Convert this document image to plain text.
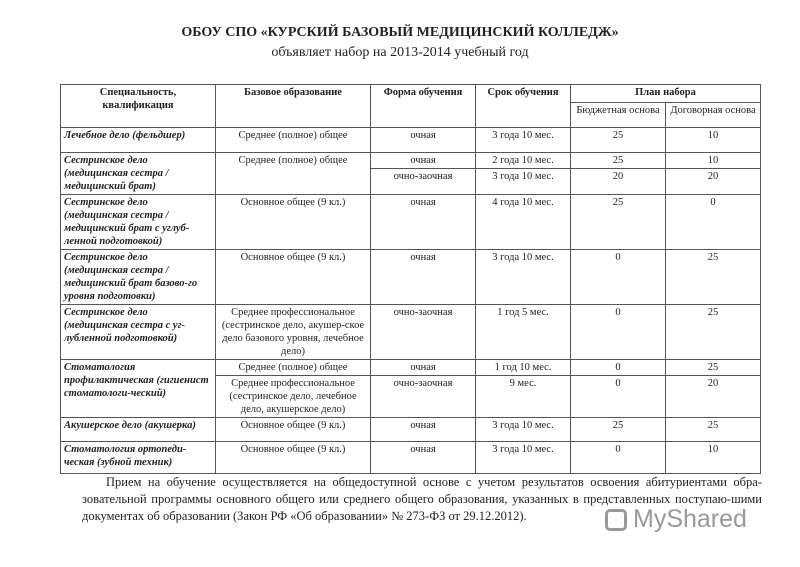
ОБОУ СПО «КУРСКИЙ БАЗОВЫЙ МЕДИЦИНСКИЙ КОЛЛЕДЖ»
объявляет набор на 2013-2014 учебный год
Специальность, квалификация	Базовое образование	Форма обучения	Срок обучения	План набора	
				Бюджетная основа	Договорная основа
Лечебное дело (фельдшер)	Среднее (полное) общее	очная	3 года 10 мес.	25	10
Сестринское дело (медицинская сестра / медицинский брат)	Среднее (полное) общее	очная	2 года 10 мес.	25	10
		очно-заочная	3 года 10 мес.	20	20
Сестринское дело (медицинская сестра / медицинский брат с углуб-ленной подготовкой)	Основное общее (9 кл.)	очная	4 года 10 мес.	25	0
Сестринское дело (медицинская сестра / медицинский брат базово-го уровня подготовки)	Основное общее (9 кл.)	очная	3 года 10 мес.	0	25
Сестринское дело (медицинская сестра с уг-лубленной подготовкой)	Среднее профессиональное (сестринское дело, акушер-ское дело базового уровня, лечебное дело)	очно-заочная	1 год 5 мес.	0	25
Стоматология профилактическая (гигиенист стоматологи-ческий)	Среднее (полное) общее	очная	1 год 10 мес.	0	25
	Среднее профессиональное (сестринское дело, лечебное дело, акушерское дело)	очно-заочная	9 мес.	0	20
Акушерское дело (акушерка)	Основное общее (9 кл.)	очная	3 года 10 мес.	25	25
Стоматология ортопеди-ческая (зубной техник)	Основное общее (9 кл.)	очная	3 года 10 мес.	0	10
Прием на обучение осуществляется на общедоступной основе с учетом результатов освоения абитуриентами обра-зовательной программы основного общего или среднего общего образования, указанных в представленных поступаю-шими документах об образовании (Закон РФ «Об образовании» № 273-ФЗ от 29.12.2012).	MyShared
